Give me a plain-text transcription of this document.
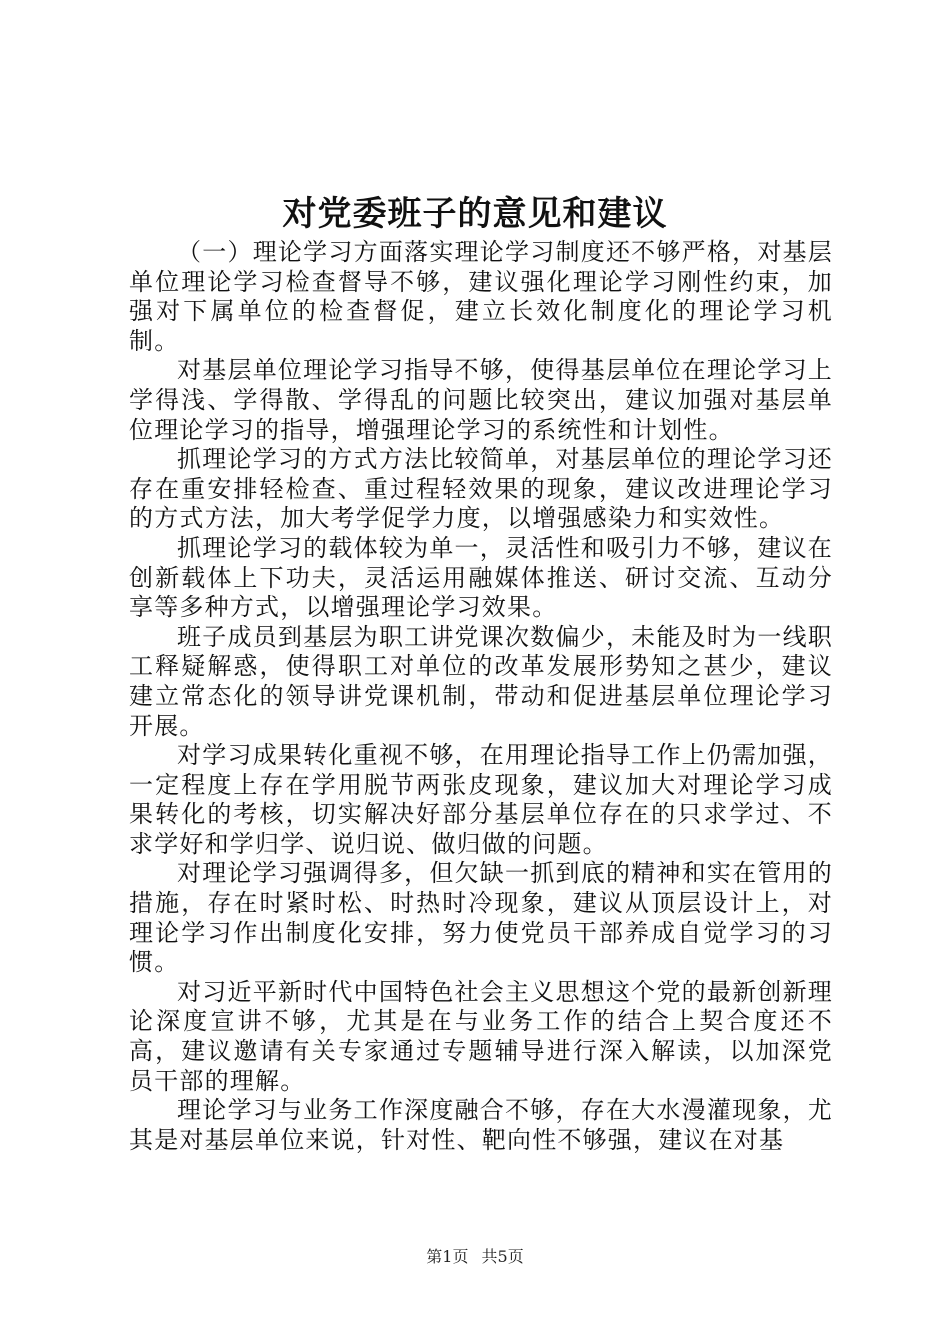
对党委班子的意见和建议

（一）理论学习方面落实理论学习制度还不够严格，对基层单位理论学习检查督导不够，建议强化理论学习刚性约束，加强对下属单位的检查督促，建立长效化制度化的理论学习机制。

对基层单位理论学习指导不够，使得基层单位在理论学习上学得浅、学得散、学得乱的问题比较突出，建议加强对基层单位理论学习的指导，增强理论学习的系统性和计划性。

抓理论学习的方式方法比较简单，对基层单位的理论学习还存在重安排轻检查、重过程轻效果的现象，建议改进理论学习的方式方法，加大考学促学力度，以增强感染力和实效性。

抓理论学习的载体较为单一，灵活性和吸引力不够，建议在创新载体上下功夫，灵活运用融媒体推送、研讨交流、互动分享等多种方式，以增强理论学习效果。

班子成员到基层为职工讲党课次数偏少，未能及时为一线职工释疑解惑，使得职工对单位的改革发展形势知之甚少，建议建立常态化的领导讲党课机制，带动和促进基层单位理论学习开展。

对学习成果转化重视不够，在用理论指导工作上仍需加强，一定程度上存在学用脱节两张皮现象，建议加大对理论学习成果转化的考核，切实解决好部分基层单位存在的只求学过、不求学好和学归学、说归说、做归做的问题。

对理论学习强调得多，但欠缺一抓到底的精神和实在管用的措施，存在时紧时松、时热时冷现象，建议从顶层设计上，对理论学习作出制度化安排，努力使党员干部养成自觉学习的习惯。

对习近平新时代中国特色社会主义思想这个党的最新创新理论深度宣讲不够，尤其是在与业务工作的结合上契合度还不高，建议邀请有关专家通过专题辅导进行深入解读，以加深党员干部的理解。

理论学习与业务工作深度融合不够，存在大水漫灌现象，尤其是对基层单位来说，针对性、靶向性不够强，建议在对基

第1页 共5页
